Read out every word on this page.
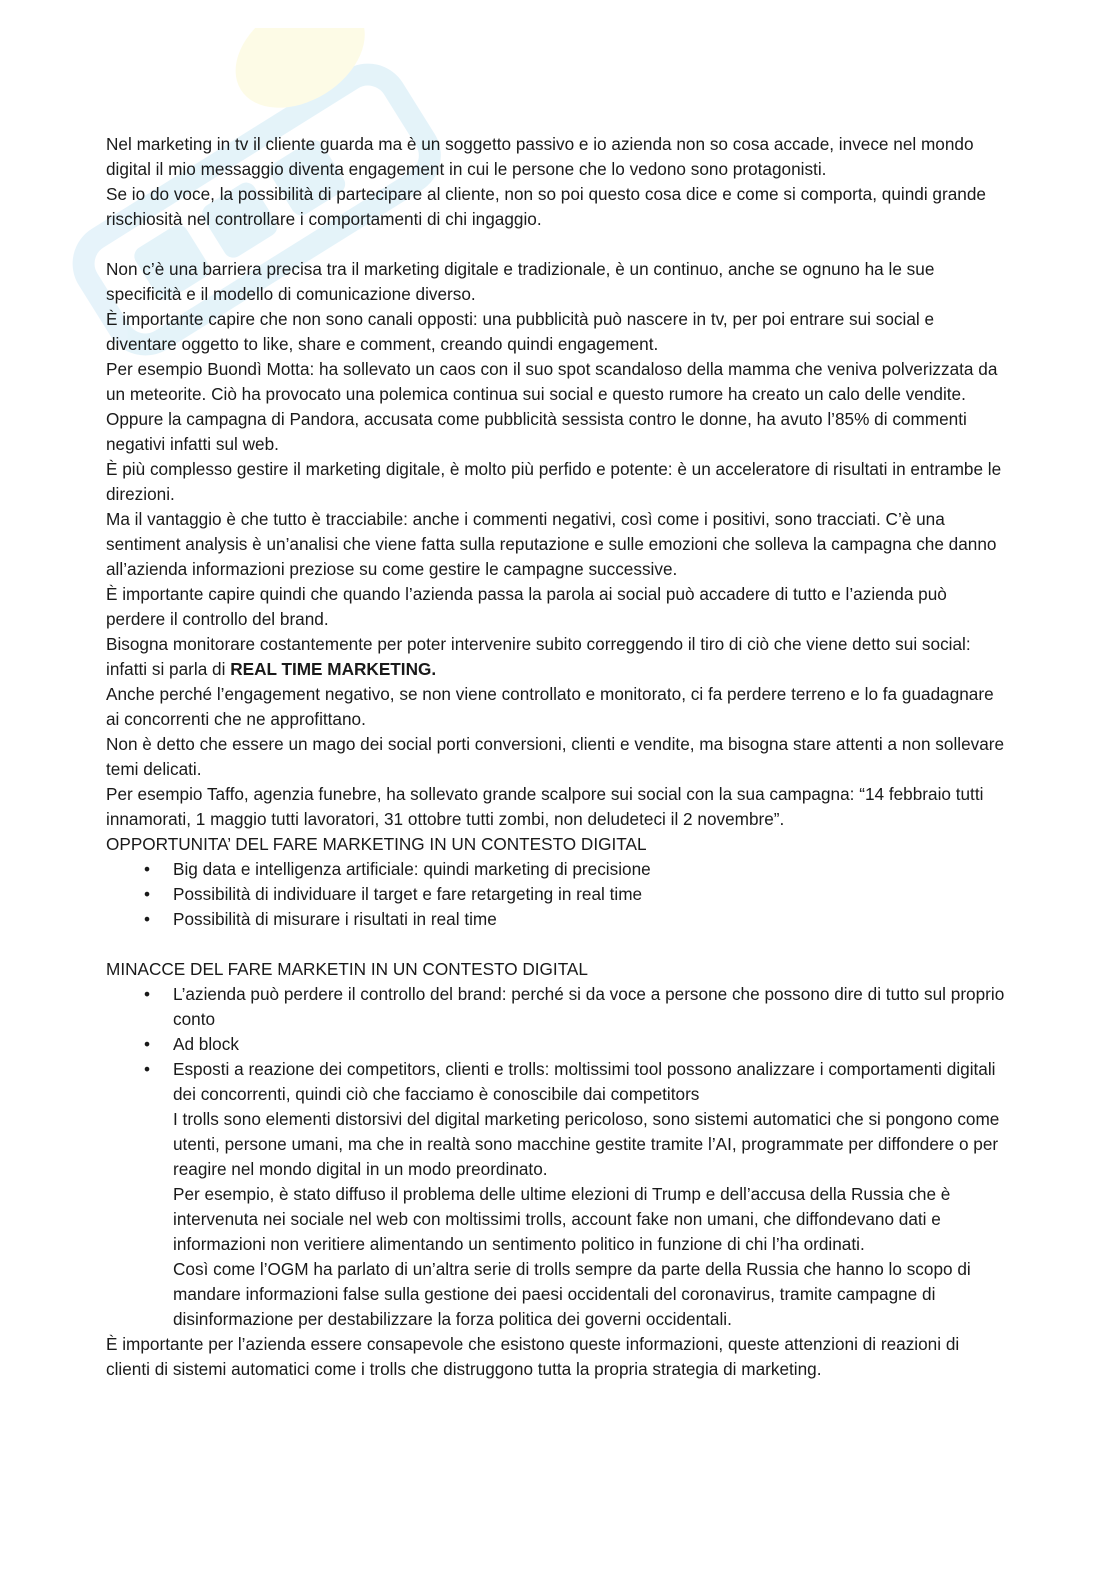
Nel marketing in tv il cliente guarda ma è un soggetto passivo e io azienda non so cosa accade, invece nel mondo digital il mio messaggio diventa engagement in cui le persone che lo vedono sono protagonisti.

Se io do voce, la possibilità di partecipare al cliente, non so poi questo cosa dice e come si comporta, quindi grande rischiosità nel controllare i comportamenti di chi ingaggio.

Non c’è una barriera precisa tra il marketing digitale e tradizionale, è un continuo, anche se ognuno ha le sue specificità e il modello di comunicazione diverso.

È importante capire che non sono canali opposti: una pubblicità può nascere in tv, per poi entrare sui social e diventare oggetto to like, share e comment, creando quindi engagement.

Per esempio Buondì Motta: ha sollevato un caos con il suo spot scandaloso della mamma che veniva polverizzata da un meteorite. Ciò ha provocato una polemica continua sui social e questo rumore ha creato un calo delle vendite.

Oppure la campagna di Pandora, accusata come pubblicità sessista contro le donne, ha avuto l’85% di commenti negativi infatti sul web.

È più complesso gestire il marketing digitale, è molto più perfido e potente: è un acceleratore di risultati in entrambe le direzioni.

Ma il vantaggio è che tutto è tracciabile: anche i commenti negativi, così come i positivi, sono tracciati. C’è una sentiment analysis è un’analisi che viene fatta sulla reputazione e sulle emozioni che solleva la campagna che danno all’azienda informazioni preziose su come gestire le campagne successive.

È importante capire quindi che quando l’azienda passa la parola ai social può accadere di tutto e l’azienda può perdere il controllo del brand.

Bisogna monitorare costantemente per poter intervenire subito correggendo il tiro di ciò che viene detto sui social: infatti si parla di REAL TIME MARKETING.

Anche perché l’engagement negativo, se non viene controllato e monitorato, ci fa perdere terreno e lo fa guadagnare ai concorrenti che ne approfittano.

Non è detto che essere un mago dei social porti conversioni, clienti e vendite, ma bisogna stare attenti a non sollevare temi delicati.

Per esempio Taffo, agenzia funebre, ha sollevato grande scalpore sui social con la sua campagna: “14 febbraio tutti innamorati, 1 maggio tutti lavoratori, 31 ottobre tutti zombi, non deludeteci il 2 novembre”.

OPPORTUNITA’ DEL FARE MARKETING IN UN CONTESTO DIGITAL

• Big data e intelligenza artificiale: quindi marketing di precisione
• Possibilità di individuare il target e fare retargeting in real time
• Possibilità di misurare i risultati in real time

MINACCE DEL FARE MARKETIN IN UN CONTESTO DIGITAL

• L’azienda può perdere il controllo del brand: perché si da voce a persone che possono dire di tutto sul proprio conto
• Ad block
• Esposti a reazione dei competitors, clienti e trolls: moltissimi tool possono analizzare i comportamenti digitali dei concorrenti, quindi ciò che facciamo è conoscibile dai competitors

I trolls sono elementi distorsivi del digital marketing pericoloso, sono sistemi automatici che si pongono come utenti, persone umani, ma che in realtà sono macchine gestite tramite l’AI, programmate per diffondere o per reagire nel mondo digital in un modo preordinato.

Per esempio, è stato diffuso il problema delle ultime elezioni di Trump e dell’accusa della Russia che è intervenuta nei sociale nel web con moltissimi trolls, account fake non umani, che diffondevano dati e informazioni non veritiere alimentando un sentimento politico in funzione di chi l’ha ordinati.

Così come l’OGM ha parlato di un’altra serie di trolls sempre da parte della Russia che hanno lo scopo di mandare informazioni false sulla gestione dei paesi occidentali del coronavirus, tramite campagne di disinformazione per destabilizzare la forza politica dei governi occidentali.

È importante per l’azienda essere consapevole che esistono queste informazioni, queste attenzioni di reazioni di clienti di sistemi automatici come i trolls che distruggono tutta la propria strategia di marketing.
